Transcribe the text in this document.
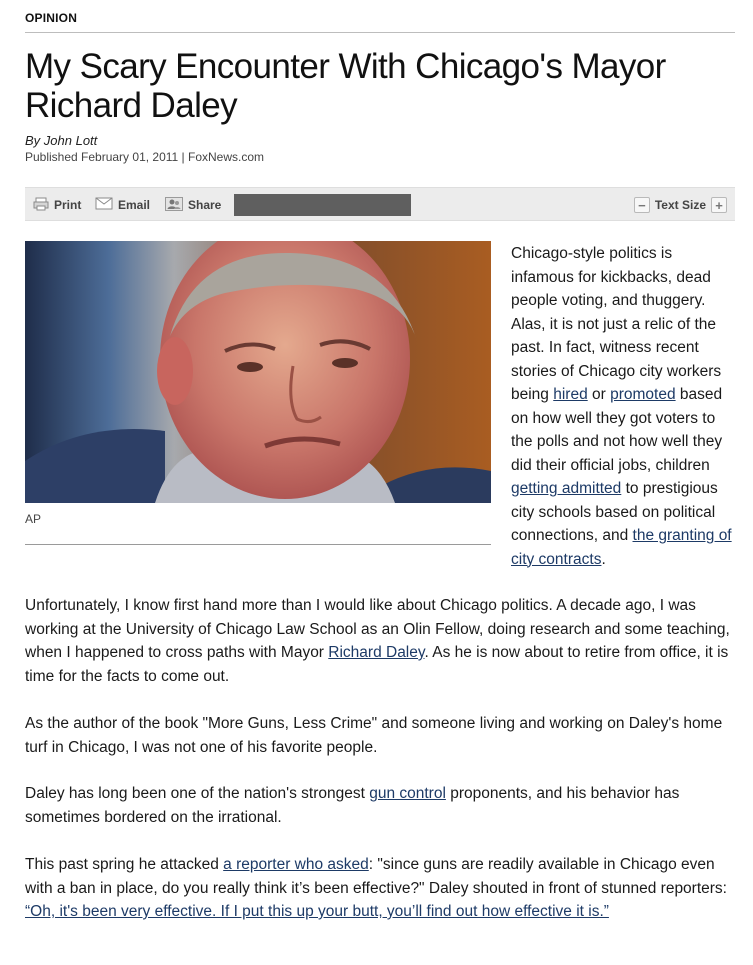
OPINION
My Scary Encounter With Chicago's Mayor Richard Daley
By John Lott
Published February 01, 2011 | FoxNews.com
Print	Email	Share	− Text Size +
AP

Chicago-style politics is infamous for kickbacks, dead people voting, and thuggery. Alas, it is not just a relic of the past. In fact, witness recent stories of Chicago city workers being hired or promoted based on how well they got voters to the polls and not how well they did their official jobs, children getting admitted to prestigious city schools based on political connections, and the granting of city contracts.

Unfortunately, I know first hand more than I would like about Chicago politics. A decade ago, I was working at the University of Chicago Law School as an Olin Fellow, doing research and some teaching, when I happened to cross paths with Mayor Richard Daley. As he is now about to retire from office, it is time for the facts to come out.

As the author of the book "More Guns, Less Crime" and someone living and working on Daley's home turf in Chicago, I was not one of his favorite people.

Daley has long been one of the nation's strongest gun control proponents, and his behavior has sometimes bordered on the irrational.

This past spring he attacked a reporter who asked: "since guns are readily available in Chicago even with a ban in place, do you really think it’s been effective?" Daley shouted in front of stunned reporters: “Oh, it's been very effective. If I put this up your butt, you’ll find out how effective it is.”
